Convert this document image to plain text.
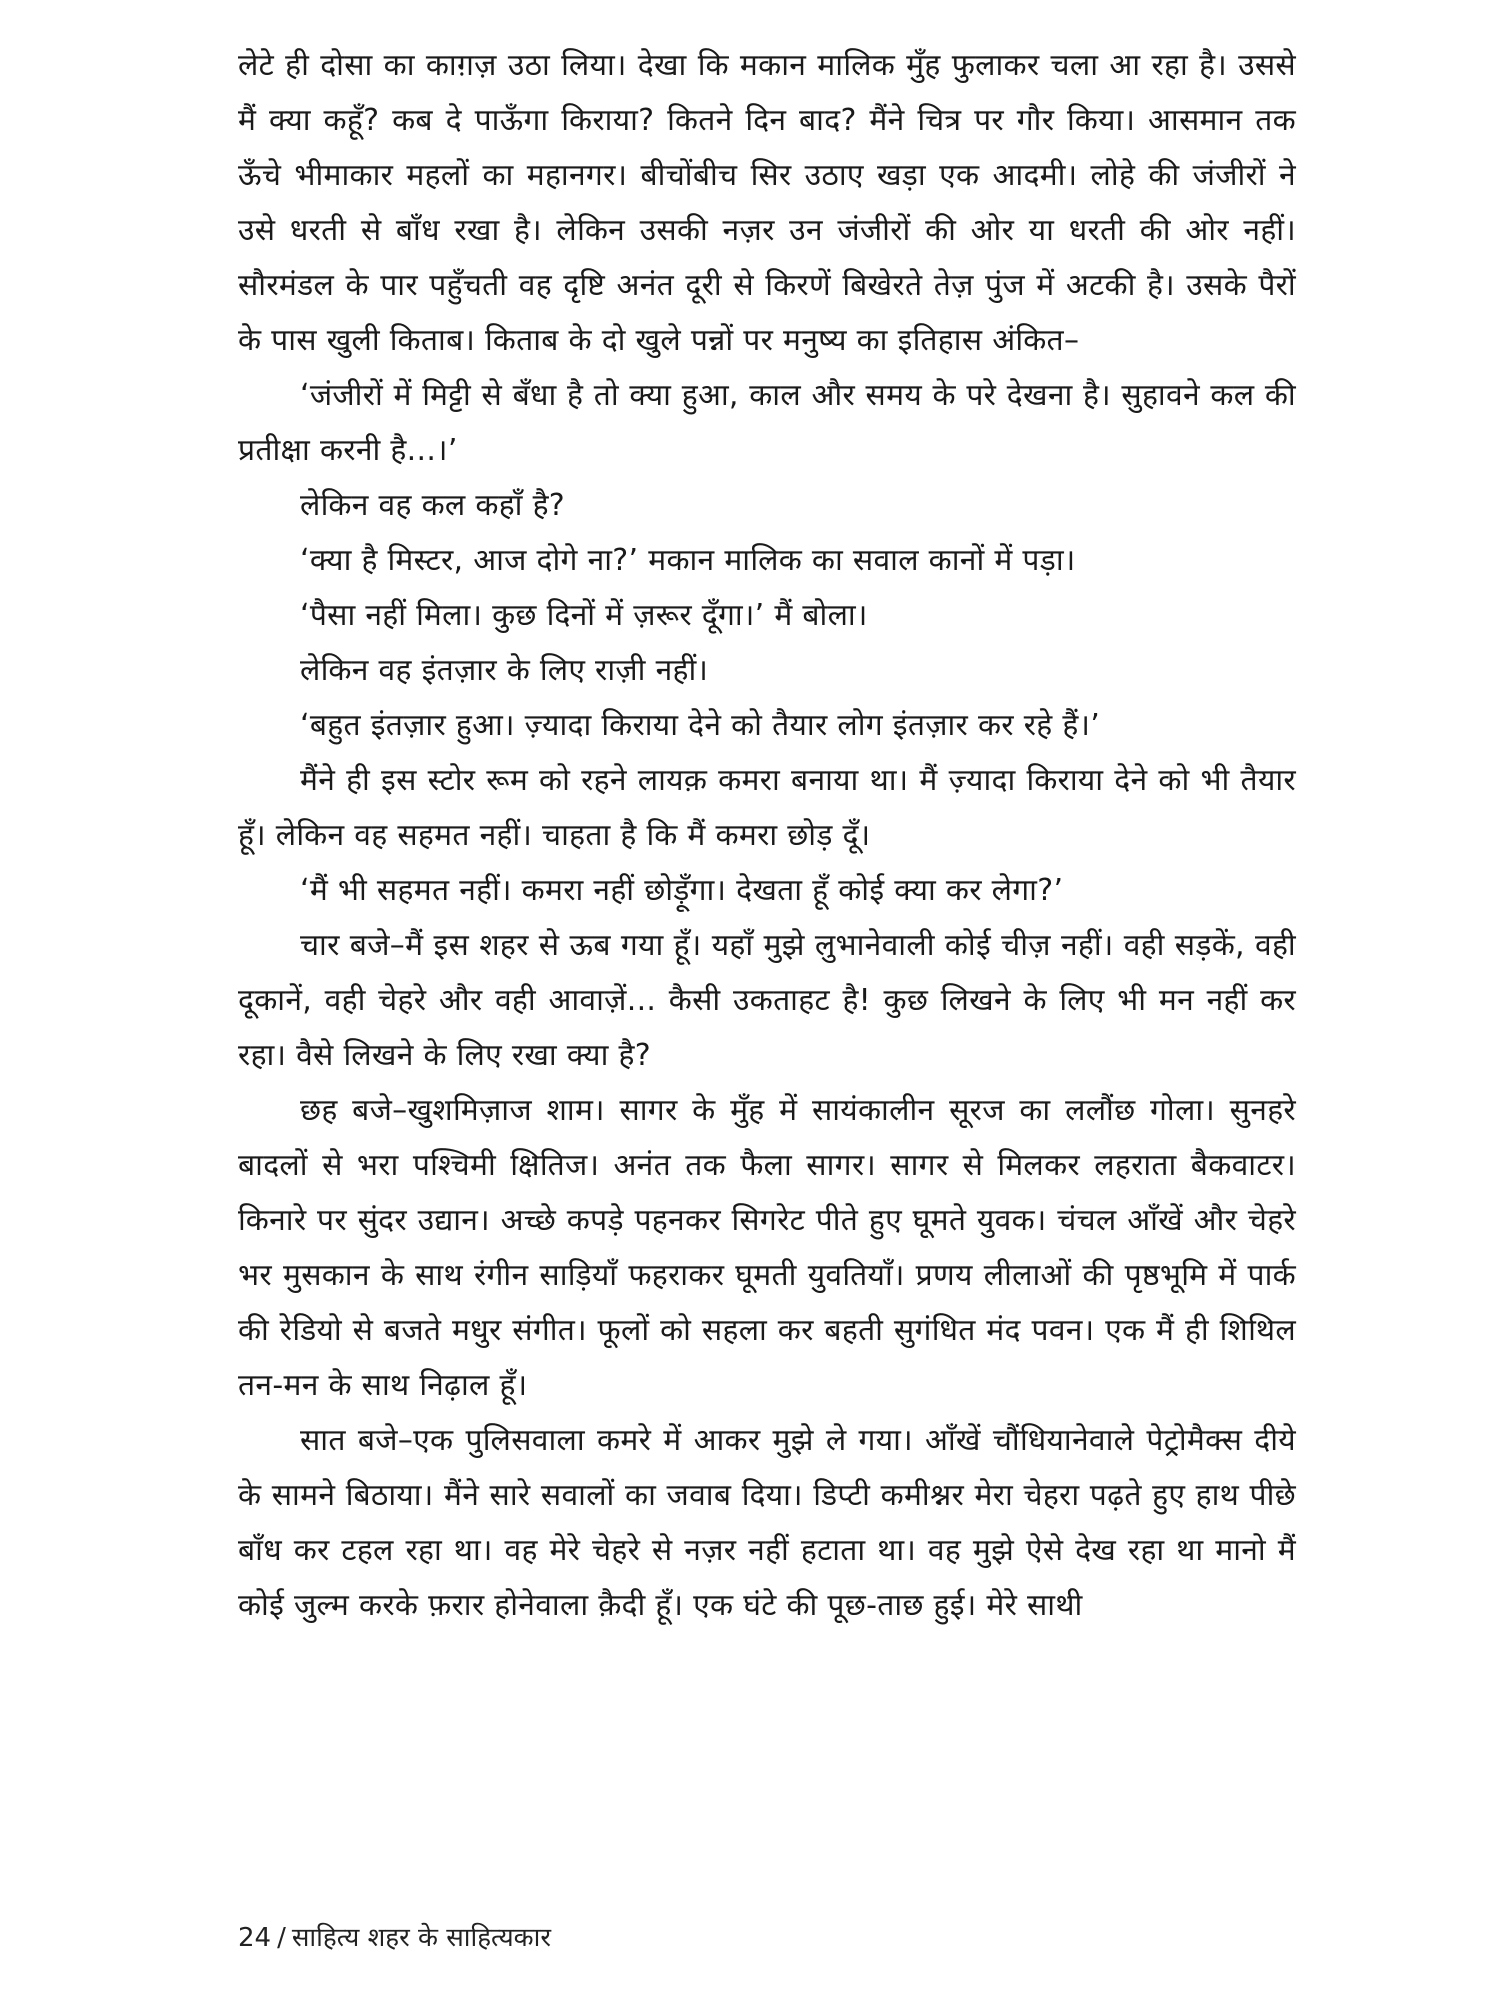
लेटे ही दोसा का काग़ज़ उठा लिया। देखा कि मकान मालिक मुँह फुलाकर चला आ रहा है। उससे मैं क्या कहूँ? कब दे पाऊँगा किराया? कितने दिन बाद? मैंने चित्र पर गौर किया। आसमान तक ऊँचे भीमाकार महलों का महानगर। बीचोंबीच सिर उठाए खड़ा एक आदमी। लोहे की जंजीरों ने उसे धरती से बाँध रखा है। लेकिन उसकी नज़र उन जंजीरों की ओर या धरती की ओर नहीं। सौरमंडल के पार पहुँचती वह दृष्टि अनंत दूरी से किरणें बिखेरते तेज़ पुंज में अटकी है। उसके पैरों के पास खुली किताब। किताब के दो खुले पन्नों पर मनुष्य का इतिहास अंकित–

‘जंजीरों में मिट्टी से बँधा है तो क्या हुआ, काल और समय के परे देखना है। सुहावने कल की प्रतीक्षा करनी है...।’

लेकिन वह कल कहाँ है?

‘क्या है मिस्टर, आज दोगे ना?’ मकान मालिक का सवाल कानों में पड़ा।

‘पैसा नहीं मिला। कुछ दिनों में ज़रूर दूँगा।’ मैं बोला।

लेकिन वह इंतज़ार के लिए राज़ी नहीं।

‘बहुत इंतज़ार हुआ। ज़्यादा किराया देने को तैयार लोग इंतज़ार कर रहे हैं।’

मैंने ही इस स्टोर रूम को रहने लायक़ कमरा बनाया था। मैं ज़्यादा किराया देने को भी तैयार हूँ। लेकिन वह सहमत नहीं। चाहता है कि मैं कमरा छोड़ दूँ।

‘मैं भी सहमत नहीं। कमरा नहीं छोड़ूँगा। देखता हूँ कोई क्या कर लेगा?’

चार बजे–मैं इस शहर से ऊब गया हूँ। यहाँ मुझे लुभानेवाली कोई चीज़ नहीं। वही सड़कें, वही दूकानें, वही चेहरे और वही आवाज़ें... कैसी उकताहट है! कुछ लिखने के लिए भी मन नहीं कर रहा। वैसे लिखने के लिए रखा क्या है?

छह बजे–खुशमिज़ाज शाम। सागर के मुँह में सायंकालीन सूरज का ललौंछ गोला। सुनहरे बादलों से भरा पश्चिमी क्षितिज। अनंत तक फैला सागर। सागर से मिलकर लहराता बैकवाटर। किनारे पर सुंदर उद्यान। अच्छे कपड़े पहनकर सिगरेट पीते हुए घूमते युवक। चंचल आँखें और चेहरे भर मुसकान के साथ रंगीन साड़ियाँ फहराकर घूमती युवतियाँ। प्रणय लीलाओं की पृष्ठभूमि में पार्क की रेडियो से बजते मधुर संगीत। फूलों को सहला कर बहती सुगंधित मंद पवन। एक मैं ही शिथिल तन-मन के साथ निढ़ाल हूँ।

सात बजे–एक पुलिसवाला कमरे में आकर मुझे ले गया। आँखें चौंधियानेवाले पेट्रोमैक्स दीये के सामने बिठाया। मैंने सारे सवालों का जवाब दिया। डिप्टी कमीश्नर मेरा चेहरा पढ़ते हुए हाथ पीछे बाँध कर टहल रहा था। वह मेरे चेहरे से नज़र नहीं हटाता था। वह मुझे ऐसे देख रहा था मानो मैं कोई जुल्म करके फ़रार होनेवाला क़ैदी हूँ। एक घंटे की पूछ-ताछ हुई। मेरे साथी

24 / साहित्य शहर के साहित्यकार
